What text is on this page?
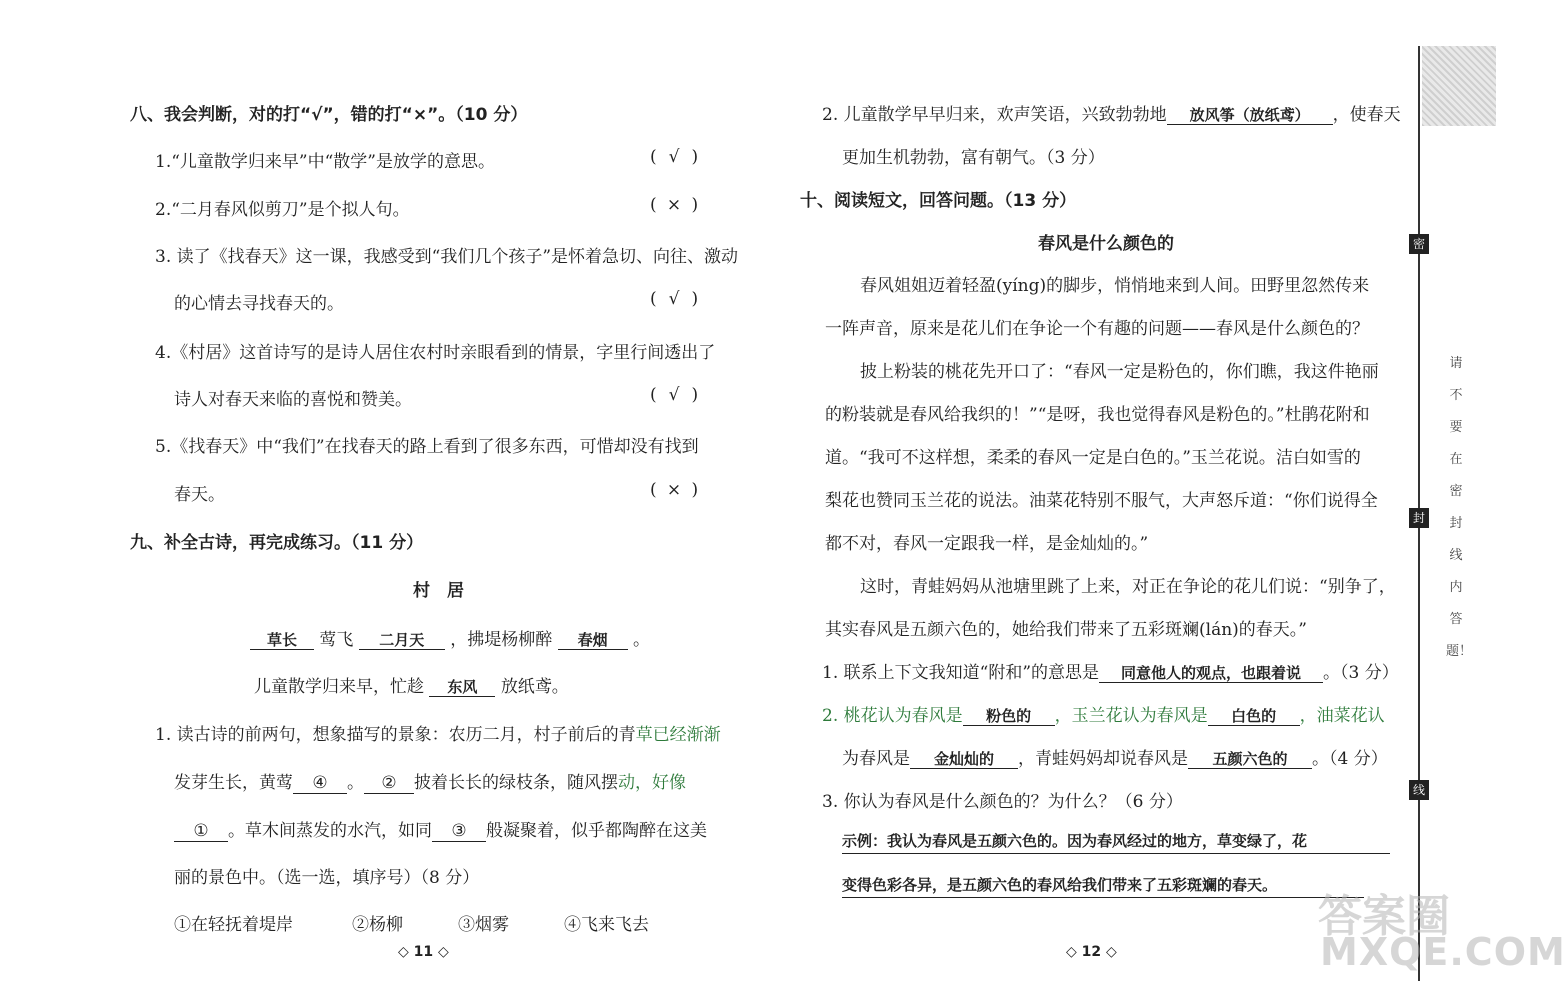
八、我会判断，对的打“√”，错的打“×”。（10 分）
1.“儿童散学归来早”中“散学”是放学的意思。	( √ )
2.“二月春风似剪刀”是个拟人句。	( × )
3. 读了《找春天》这一课，我感受到“我们几个孩子”是怀着急切、向往、激动
的心情去寻找春天的。	( √ )
4.《村居》这首诗写的是诗人居住农村时亲眼看到的情景，字里行间透出了
诗人对春天来临的喜悦和赞美。	( √ )
5.《找春天》中“我们”在找春天的路上看到了很多东西，可惜却没有找到
春天。	( × )
九、补全古诗，再完成练习。（11 分）
村　居
草长 莺飞 二月天 ，拂堤杨柳醉 春烟 。
儿童散学归来早，忙趁 东风 放纸鸢。
1. 读古诗的前两句，想象描写的景象：农历二月，村子前后的青草已经渐渐
发芽生长，黄莺 ④ 。 ② 披着长长的绿枝条，随风摆动，好像
① 。草木间蒸发的水汽，如同 ③ 般凝聚着，似乎都陶醉在这美
丽的景色中。（选一选，填序号）（8 分）
①在轻抚着堤岸	②杨柳	③烟雾	④飞来飞去
◇ 11 ◇
2. 儿童散学早早归来，欢声笑语，兴致勃勃地 放风筝（放纸鸢） ，使春天
更加生机勃勃，富有朝气。（3 分）
十、阅读短文，回答问题。（13 分）
春风是什么颜色的
春风姐姐迈着轻盈(yíng)的脚步，悄悄地来到人间。田野里忽然传来
一阵声音，原来是花儿们在争论一个有趣的问题——春风是什么颜色的？
披上粉装的桃花先开口了：“春风一定是粉色的，你们瞧，我这件艳丽
的粉装就是春风给我织的！”“是呀，我也觉得春风是粉色的。”杜鹃花附和
道。“我可不这样想，柔柔的春风一定是白色的。”玉兰花说。洁白如雪的
梨花也赞同玉兰花的说法。油菜花特别不服气，大声怒斥道：“你们说得全
都不对，春风一定跟我一样，是金灿灿的。”
这时，青蛙妈妈从池塘里跳了上来，对正在争论的花儿们说：“别争了，
其实春风是五颜六色的，她给我们带来了五彩斑斓(lán)的春天。”
1. 联系上下文我知道“附和”的意思是 同意他人的观点，也跟着说 。（3 分）
2. 桃花认为春风是 粉色的 ，玉兰花认为春风是 白色的 ，油菜花认
为春风是 金灿灿的 ，青蛙妈妈却说春风是 五颜六色的 。（4 分）
3. 你认为春风是什么颜色的？为什么？（6 分）
示例：我认为春风是五颜六色的。因为春风经过的地方，草变绿了，花
变得色彩各异，是五颜六色的春风给我们带来了五彩斑斓的春天。
◇ 12 ◇
密
封
线
请不要在密封线内答题！
答案圈
MXQE.COM
